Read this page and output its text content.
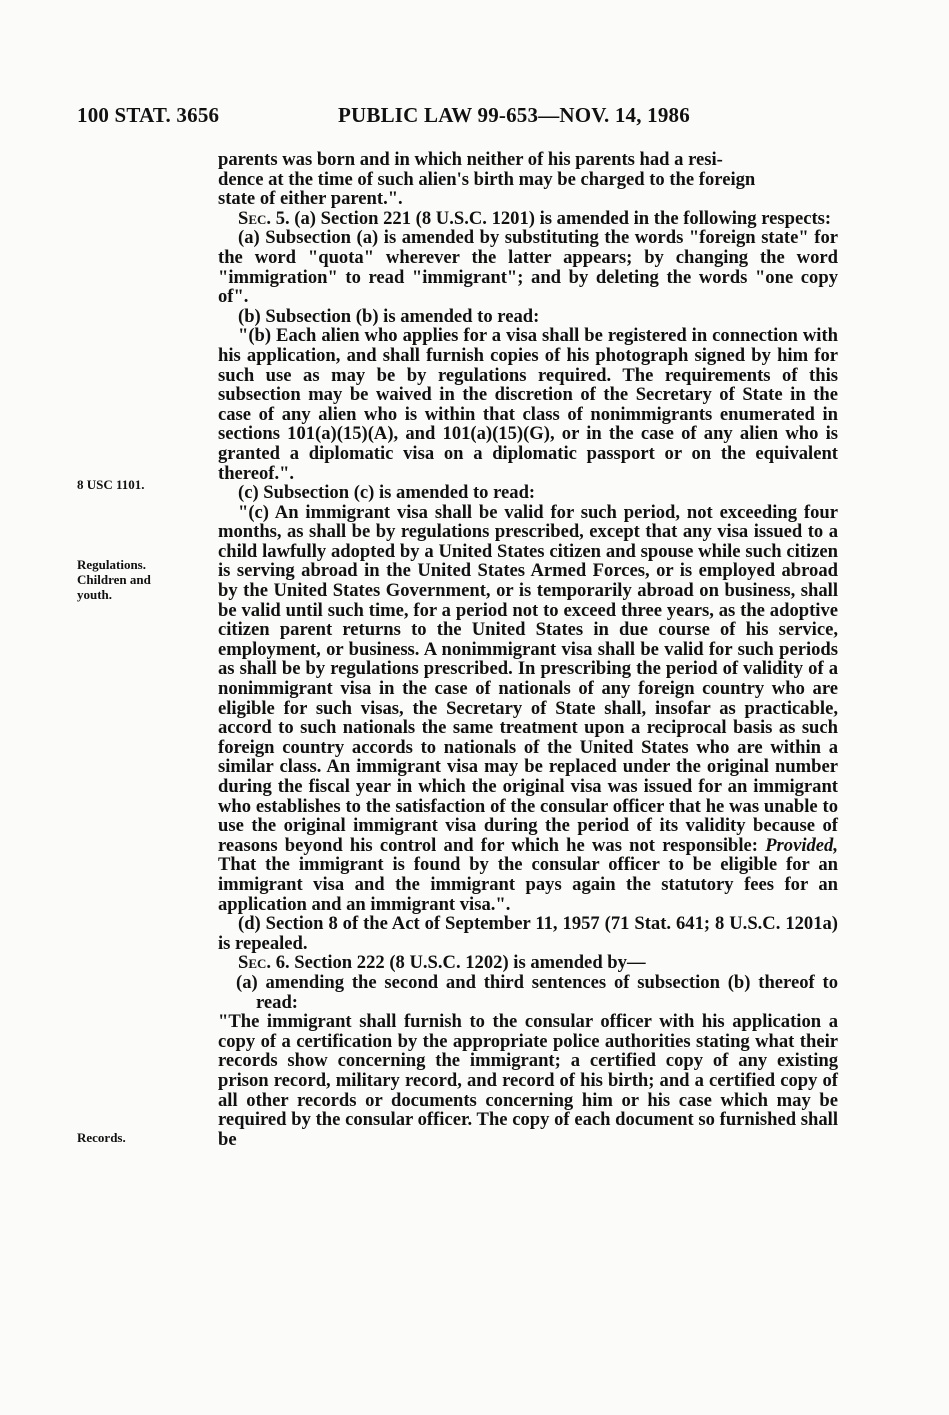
100 STAT. 3656	PUBLIC LAW 99-653—NOV. 14, 1986
8 USC 1101.
Regulations.
Children and
youth.
Records.

parents was born and in which neither of his parents had a resi-
dence at the time of such alien's birth may be charged to the foreign
state of either parent.".

Sec. 5. (a) Section 221 (8 U.S.C. 1201) is amended in the following respects:

(a) Subsection (a) is amended by substituting the words "foreign state" for the word "quota" wherever the latter appears; by changing the word "immigration" to read "immigrant"; and by deleting the words "one copy of".

(b) Subsection (b) is amended to read:

"(b) Each alien who applies for a visa shall be registered in connection with his application, and shall furnish copies of his photograph signed by him for such use as may be by regulations required. The requirements of this subsection may be waived in the discretion of the Secretary of State in the case of any alien who is within that class of nonimmigrants enumerated in sections 101(a)(15)(A), and 101(a)(15)(G), or in the case of any alien who is granted a diplomatic visa on a diplomatic passport or on the equivalent thereof.".

(c) Subsection (c) is amended to read:

"(c) An immigrant visa shall be valid for such period, not exceeding four months, as shall be by regulations prescribed, except that any visa issued to a child lawfully adopted by a United States citizen and spouse while such citizen is serving abroad in the United States Armed Forces, or is employed abroad by the United States Government, or is temporarily abroad on business, shall be valid until such time, for a period not to exceed three years, as the adoptive citizen parent returns to the United States in due course of his service, employment, or business. A nonimmigrant visa shall be valid for such periods as shall be by regulations prescribed. In prescribing the period of validity of a nonimmigrant visa in the case of nationals of any foreign country who are eligible for such visas, the Secretary of State shall, insofar as practicable, accord to such nationals the same treatment upon a reciprocal basis as such foreign country accords to nationals of the United States who are within a similar class. An immigrant visa may be replaced under the original number during the fiscal year in which the original visa was issued for an immigrant who establishes to the satisfaction of the consular officer that he was unable to use the original immigrant visa during the period of its validity because of reasons beyond his control and for which he was not responsible: Provided, That the immigrant is found by the consular officer to be eligible for an immigrant visa and the immigrant pays again the statutory fees for an application and an immigrant visa.".

(d) Section 8 of the Act of September 11, 1957 (71 Stat. 641; 8 U.S.C. 1201a) is repealed.

Sec. 6. Section 222 (8 U.S.C. 1202) is amended by—

(a) amending the second and third sentences of subsection (b) thereof to read:

"The immigrant shall furnish to the consular officer with his application a copy of a certification by the appropriate police authorities stating what their records show concerning the immigrant; a certified copy of any existing prison record, military record, and record of his birth; and a certified copy of all other records or documents concerning him or his case which may be required by the consular officer. The copy of each document so furnished shall be
